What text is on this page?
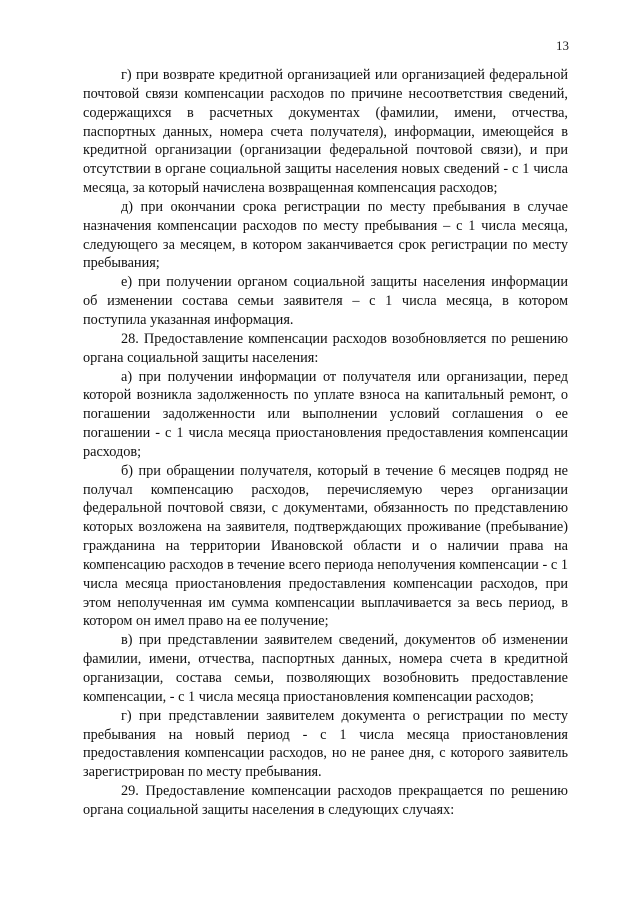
13

г) при возврате кредитной организацией или организацией федеральной почтовой связи компенсации расходов по причине несоответствия сведений, содержащихся в расчетных документах (фамилии, имени, отчества, паспортных данных, номера счета получателя), информации, имеющейся в кредитной организации (организации федеральной почтовой связи), и при отсутствии в органе социальной защиты населения новых сведений - с 1 числа месяца, за который начислена возвращенная компенсация расходов;

д) при окончании срока регистрации по месту пребывания в случае назначения компенсации расходов по месту пребывания – с 1 числа месяца, следующего за месяцем, в котором заканчивается срок регистрации по месту пребывания;

е) при получении органом социальной защиты населения информации об изменении состава семьи заявителя – с 1 числа месяца, в котором поступила указанная информация.

28. Предоставление компенсации расходов возобновляется по решению органа социальной защиты населения:

а) при получении информации от получателя или организации, перед которой возникла задолженность по уплате взноса на капитальный ремонт, о погашении задолженности или выполнении условий соглашения о ее погашении - с 1 числа месяца приостановления предоставления компенсации расходов;

б) при обращении получателя, который в течение 6 месяцев подряд не получал компенсацию расходов, перечисляемую через организации федеральной почтовой связи, с документами, обязанность по представлению которых возложена на заявителя, подтверждающих проживание (пребывание) гражданина на территории Ивановской области и о наличии права на компенсацию расходов в течение всего периода неполучения компенсации - с 1 числа месяца приостановления предоставления компенсации расходов, при этом неполученная им сумма компенсации выплачивается за весь период, в котором он имел право на ее получение;

в) при представлении заявителем сведений, документов об изменении фамилии, имени, отчества, паспортных данных, номера счета в кредитной организации, состава семьи, позволяющих возобновить предоставление компенсации, - с 1 числа месяца приостановления компенсации расходов;

г) при представлении заявителем документа о регистрации по месту пребывания на новый период - с 1 числа месяца приостановления предоставления компенсации расходов, но не ранее дня, с которого заявитель зарегистрирован по месту пребывания.

29. Предоставление компенсации расходов прекращается по решению органа социальной защиты населения в следующих случаях:
